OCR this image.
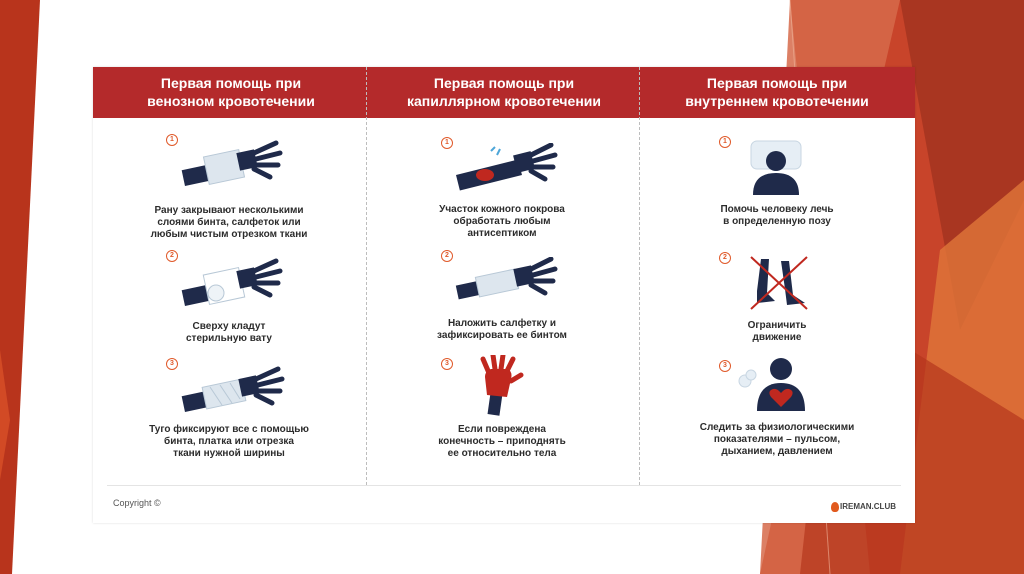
Первая помощь при
венозном кровотечении
Первая помощь при
капиллярном кровотечении
Первая помощь при
внутреннем кровотечении
1
Рану закрывают несколькими
слоями бинта, салфеток или
любым чистым отрезком ткани
2
Сверху кладут
стерильную вату
3
Туго фиксируют все с помощью
бинта, платка или отрезка
ткани нужной ширины
1
Участок кожного покрова
обработать любым
антисептиком
2
Наложить салфетку и
зафиксировать ее бинтом
3
Если повреждена
конечность – приподнять
ее относительно тела
1
Помочь человеку лечь
в определенную позу
2
Ограничить
движение
3
Следить за физиологическими
показателями – пульсом,
дыханием, давлением
Copyright ©	IREMAN.CLUB
